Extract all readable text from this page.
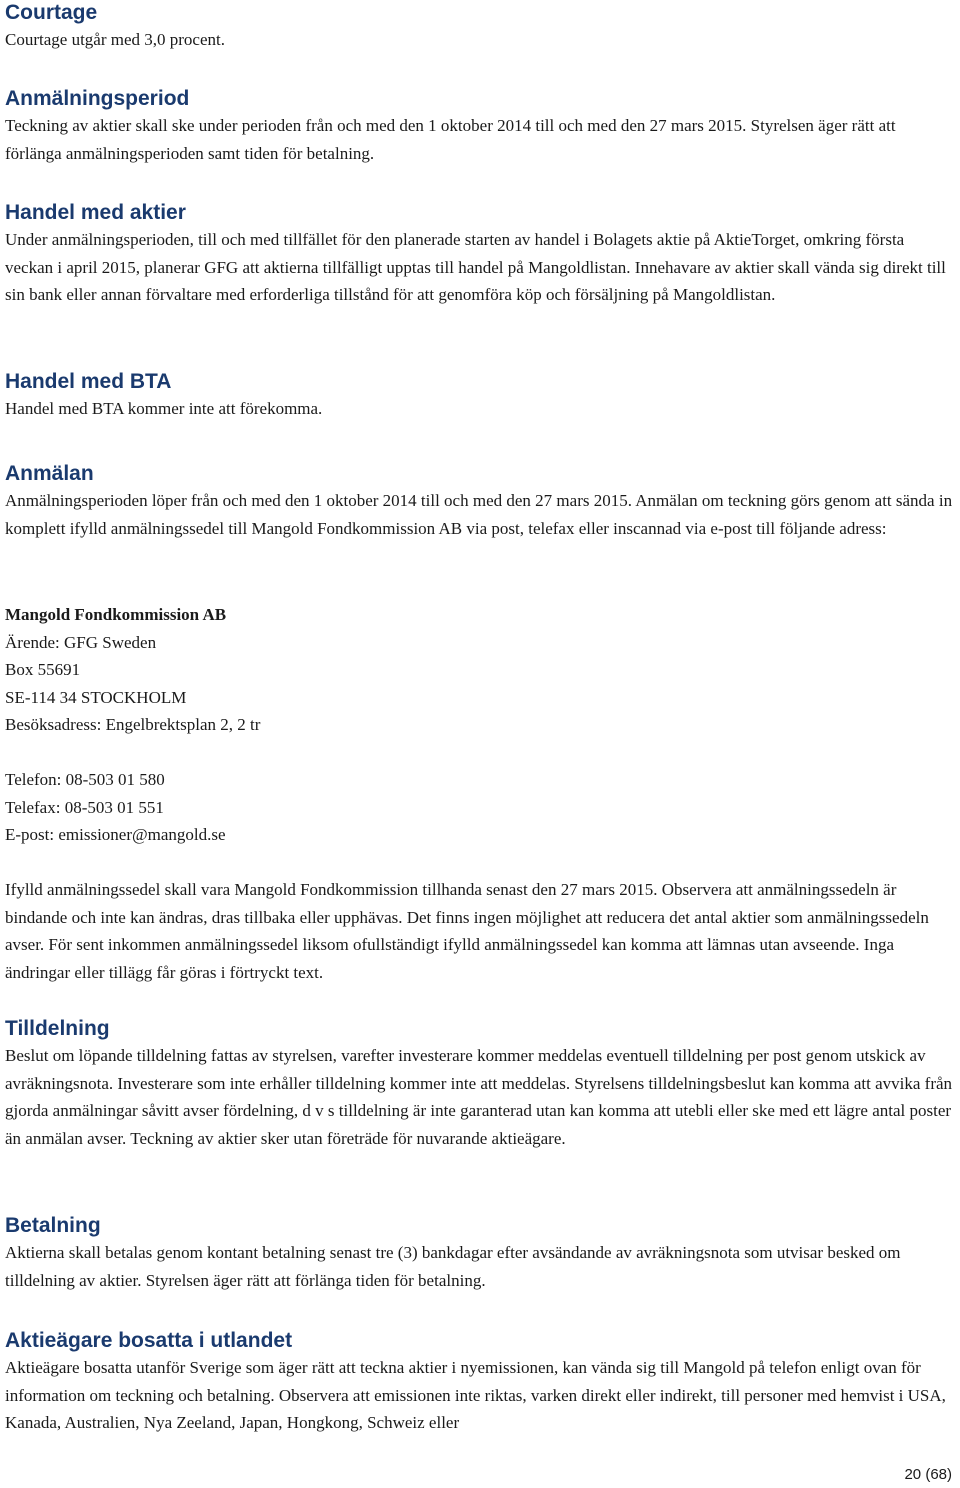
Courtage

Courtage utgår med 3,0 procent.

Anmälningsperiod

Teckning av aktier skall ske under perioden från och med den 1 oktober 2014 till och med den 27 mars 2015. Styrelsen äger rätt att förlänga anmälningsperioden samt tiden för betalning.

Handel med aktier

Under anmälningsperioden, till och med tillfället för den planerade starten av handel i Bolagets aktie på AktieTorget, omkring första veckan i april 2015, planerar GFG att aktierna tillfälligt upptas till handel på Mangoldlistan. Innehavare av aktier skall vända sig direkt till sin bank eller annan förvaltare med erforderliga tillstånd för att genomföra köp och försäljning på Mangoldlistan.

Handel med BTA

Handel med BTA kommer inte att förekomma.

Anmälan

Anmälningsperioden löper från och med den 1 oktober 2014 till och med den 27 mars 2015. Anmälan om teckning görs genom att sända in komplett ifylld anmälningssedel till Mangold Fondkommission AB via post, telefax eller inscannad via e-post till följande adress:

Mangold Fondkommission AB
Ärende: GFG Sweden
Box 55691
SE-114 34 STOCKHOLM
Besöksadress: Engelbrektsplan 2, 2 tr
Telefon: 08-503 01 580
Telefax: 08-503 01 551
E-post: emissioner@mangold.se

Ifylld anmälningssedel skall vara Mangold Fondkommission tillhanda senast den 27 mars 2015. Observera att anmälningssedeln är bindande och inte kan ändras, dras tillbaka eller upphävas. Det finns ingen möjlighet att reducera det antal aktier som anmälningssedeln avser. För sent inkommen anmälningssedel liksom ofullständigt ifylld anmälningssedel kan komma att lämnas utan avseende. Inga ändringar eller tillägg får göras i förtryckt text.

Tilldelning

Beslut om löpande tilldelning fattas av styrelsen, varefter investerare kommer meddelas eventuell tilldelning per post genom utskick av avräkningsnota. Investerare som inte erhåller tilldelning kommer inte att meddelas. Styrelsens tilldelningsbeslut kan komma att avvika från gjorda anmälningar såvitt avser fördelning, d v s tilldelning är inte garanterad utan kan komma att utebli eller ske med ett lägre antal poster än anmälan avser. Teckning av aktier sker utan företräde för nuvarande aktieägare.

Betalning

Aktierna skall betalas genom kontant betalning senast tre (3) bankdagar efter avsändande av avräkningsnota som utvisar besked om tilldelning av aktier. Styrelsen äger rätt att förlänga tiden för betalning.

Aktieägare bosatta i utlandet

Aktieägare bosatta utanför Sverige som äger rätt att teckna aktier i nyemissionen, kan vända sig till Mangold på telefon enligt ovan för information om teckning och betalning. Observera att emissionen inte riktas, varken direkt eller indirekt, till personer med hemvist i USA, Kanada, Australien, Nya Zeeland, Japan, Hongkong, Schweiz eller

20 (68)
